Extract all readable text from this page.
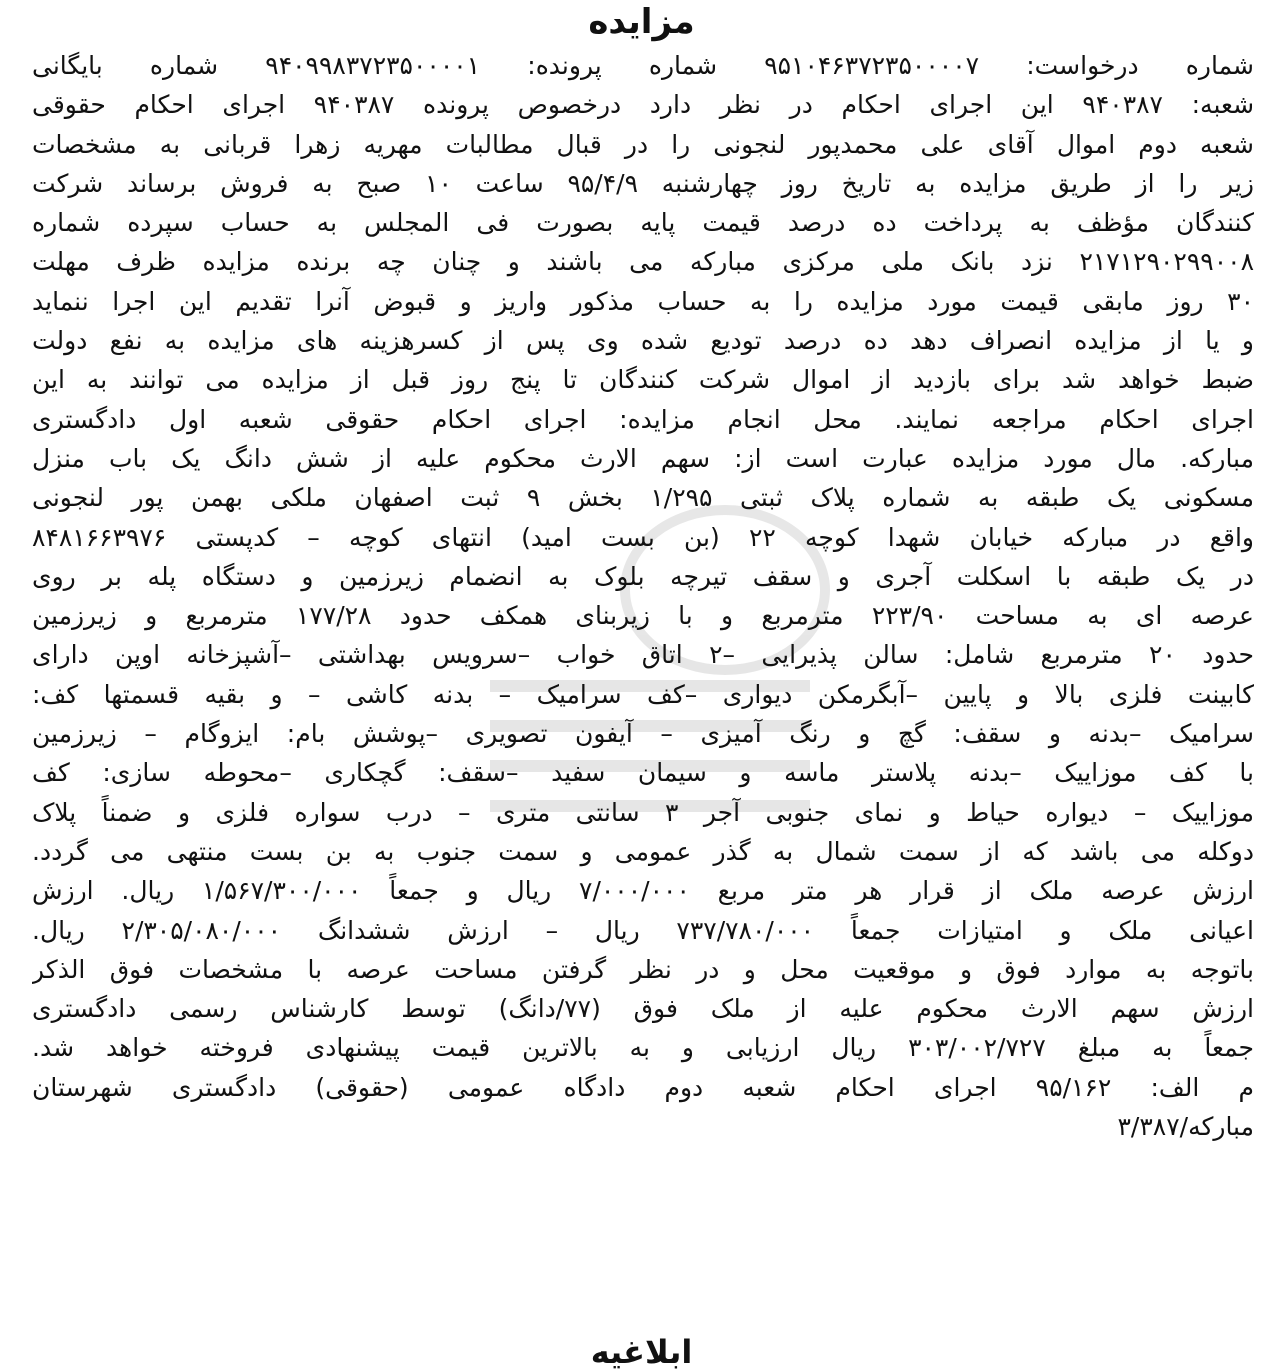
مزایده
شماره درخواست: ۹۵۱۰۴۶۳۷۲۳۵۰۰۰۰۷ شماره پرونده: ۹۴۰۹۹۸۳۷۲۳۵۰۰۰۰۱ شماره بایگانی
شعبه: ۹۴۰۳۸۷ این اجرای احکام در نظر دارد درخصوص پرونده ۹۴۰۳۸۷ اجرای احکام حقوقی
شعبه دوم اموال آقای علی محمدپور لنجونی را در قبال مطالبات مهریه زهرا قربانی به مشخصات
زیر را از طریق مزایده به تاریخ روز چهارشنبه ۹۵/۴/۹ ساعت ۱۰ صبح به فروش برساند شرکت
کنندگان مؤظف به پرداخت ده درصد قیمت پایه بصورت فی المجلس به حساب سپرده شماره
۲۱۷۱۲۹۰۲۹۹۰۰۸ نزد بانک ملی مرکزی مبارکه می باشند و چنان چه برنده مزایده ظرف مهلت
۳۰ روز مابقی قیمت مورد مزایده را به حساب مذکور واریز و قبوض آنرا تقدیم این اجرا ننماید
و یا از مزایده انصراف دهد ده درصد تودیع شده وی پس از کسرهزینه های مزایده به نفع دولت
ضبط خواهد شد برای بازدید از اموال شرکت کنندگان تا پنج روز قبل از مزایده می توانند به این
اجرای احکام مراجعه نمایند. محل انجام مزایده: اجرای احکام حقوقی شعبه اول دادگستری
مبارکه. مال مورد مزایده عبارت است از: سهم الارث محکوم علیه از شش دانگ یک باب منزل
مسکونی یک طبقه به شماره پلاک ثبتی ۱/۲۹۵ بخش ۹ ثبت اصفهان ملکی بهمن پور لنجونی
واقع در مبارکه خیابان شهدا کوچه ۲۲ (بن بست امید) انتهای کوچه – کدپستی ۸۴۸۱۶۶۳۹۷۶
در یک طبقه با اسکلت آجری و سقف تیرچه بلوک به انضمام زیرزمین و دستگاه پله بر روی
عرصه ای به مساحت ۲۲۳/۹۰ مترمربع و با زیربنای همکف حدود ۱۷۷/۲۸ مترمربع و زیرزمین
حدود ۲۰ مترمربع شامل: سالن پذیرایی –۲ اتاق خواب –سرویس بهداشتی –آشپزخانه اوپن دارای
کابینت فلزی بالا و پایین –آبگرمکن دیواری –کف سرامیک – بدنه کاشی – و بقیه قسمتها کف:
سرامیک –بدنه و سقف: گچ و رنگ آمیزی – آیفون تصویری –پوشش بام: ایزوگام – زیرزمین
با کف موزاییک –بدنه پلاستر ماسه و سیمان سفید –سقف: گچکاری –محوطه سازی: کف
موزاییک – دیواره حیاط و نمای جنوبی آجر ۳ سانتی متری – درب سواره فلزی و ضمناً پلاک
دوکله می باشد که از سمت شمال به گذر عمومی و سمت جنوب به بن بست منتهی می گردد.
ارزش عرصه ملک از قرار هر متر مربع ۷/۰۰۰/۰۰۰ ریال و جمعاً ۱/۵۶۷/۳۰۰/۰۰۰ ریال. ارزش
اعیانی ملک و امتیازات جمعاً ۷۳۷/۷۸۰/۰۰۰ ریال – ارزش ششدانگ ۲/۳۰۵/۰۸۰/۰۰۰ ریال.
باتوجه به موارد فوق و موقعیت محل و در نظر گرفتن مساحت عرصه با مشخصات فوق الذکر
ارزش سهم الارث محکوم علیه از ملک فوق (۷۷/دانگ) توسط کارشناس رسمی دادگستری
جمعاً به مبلغ ۳۰۳/۰۰۲/۷۲۷ ریال ارزیابی و به بالاترین قیمت پیشنهادی فروخته خواهد شد.
م الف: ۹۵/۱۶۲ اجرای احکام شعبه دوم دادگاه عمومی (حقوقی) دادگستری شهرستان
مبارکه/۳/۳۸۷
ابلاغیه
